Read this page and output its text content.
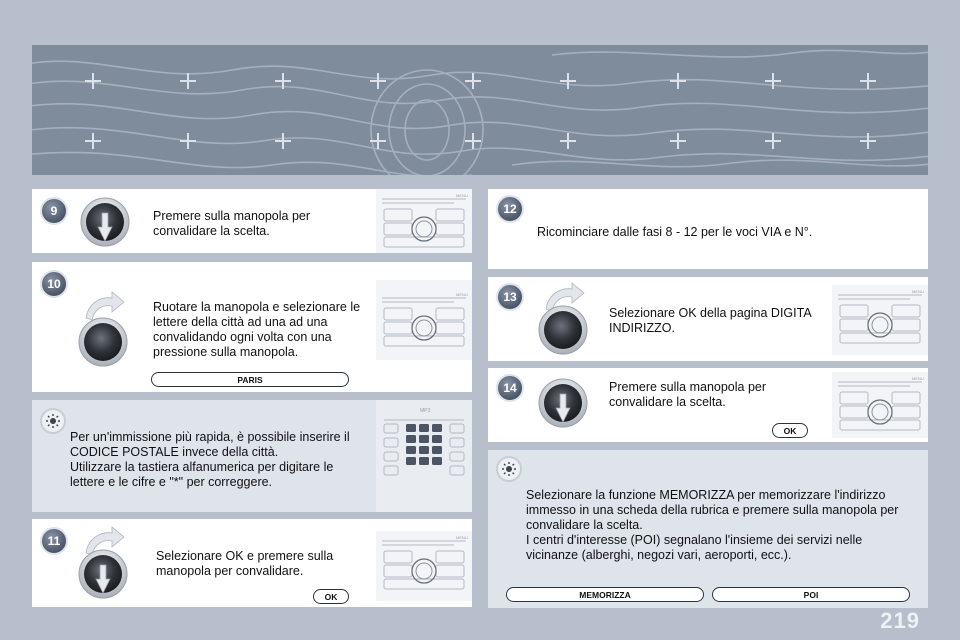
9	Premere sulla manopola per convalidare la scelta.
10
Ruotare la manopola e selezionare le lettere della città ad una ad una convalidando ogni volta con una pressione sulla manopola.
PARIS
Per un'immissione più rapida, è possibile inserire il CODICE POSTALE invece della città.
Utilizzare la tastiera alfanumerica per digitare le lettere e le cifre e "*" per correggere.
MP3
11
Selezionare OK e premere sulla manopola per convalidare.
OK
12
Ricominciare dalle fasi 8 - 12 per le voci VIA e N°.
13
Selezionare OK della pagina DIGITA INDIRIZZO.
14	Premere sulla manopola per convalidare la scelta.
OK
Selezionare la funzione MEMORIZZA per memorizzare l'indirizzo immesso in una scheda della rubrica e premere sulla manopola per convalidare la scelta.
I centri d'interesse (POI) segnalano l'insieme dei servizi nelle vicinanze (alberghi, negozi vari, aeroporti, ecc.).
MEMORIZZA	POI
219
